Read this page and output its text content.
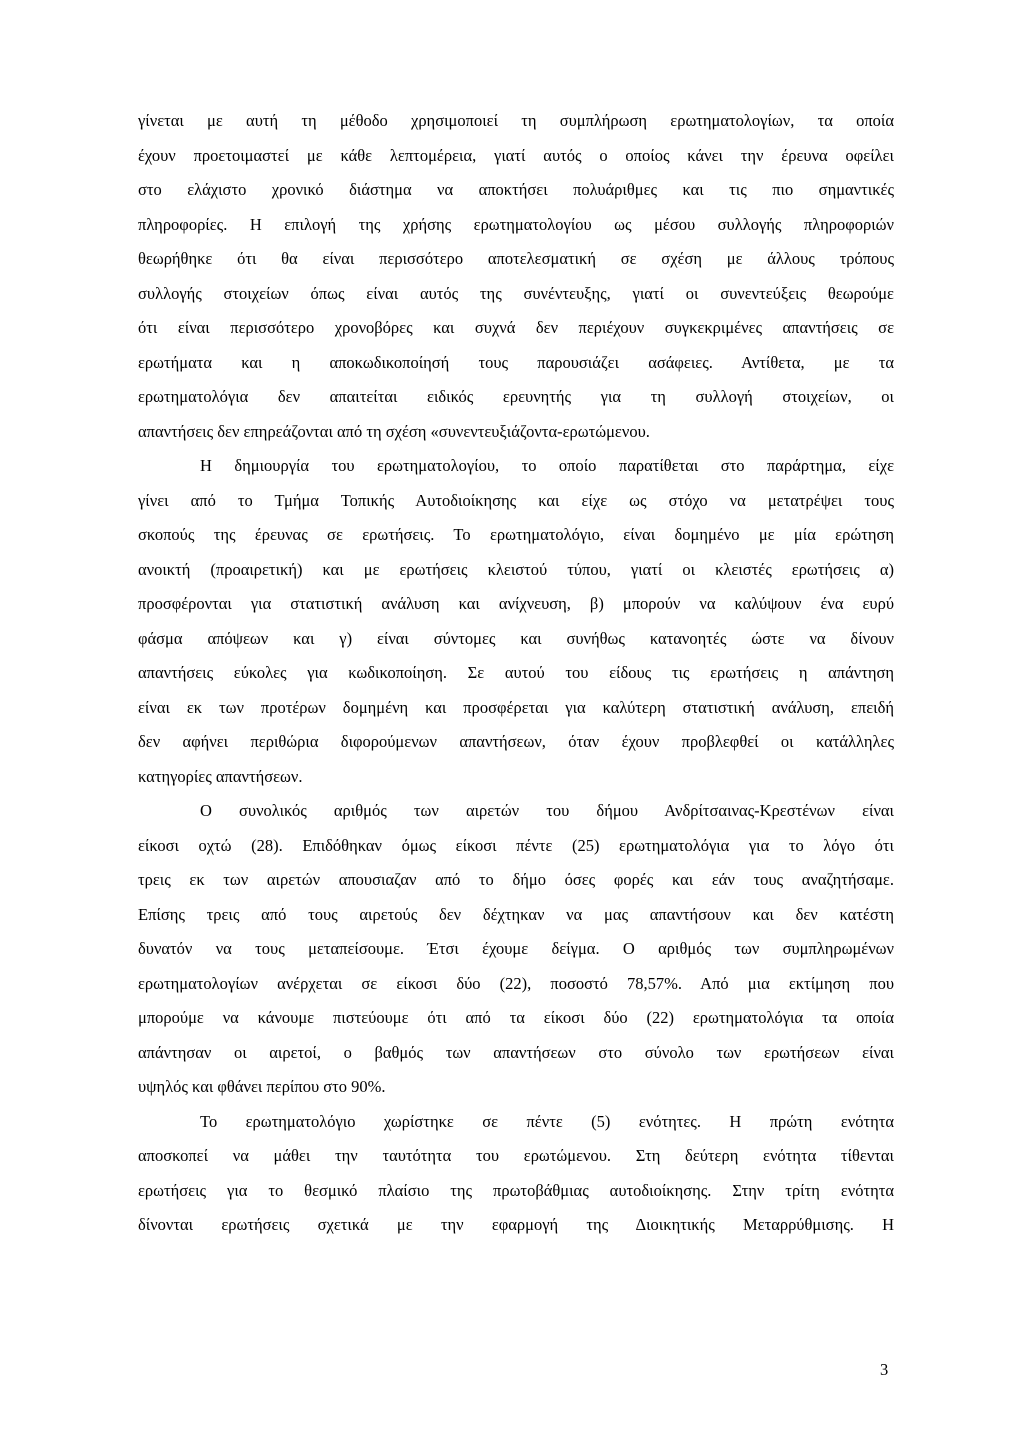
γίνεται με αυτή τη μέθοδο χρησιμοποιεί τη συμπλήρωση ερωτηματολογίων, τα οποία
έχουν προετοιμαστεί με κάθε λεπτομέρεια, γιατί αυτός ο οποίος κάνει την έρευνα οφείλει
στο ελάχιστο χρονικό διάστημα να αποκτήσει πολυάριθμες και τις πιο σημαντικές
πληροφορίες. Η επιλογή της χρήσης ερωτηματολογίου ως μέσου συλλογής πληροφοριών
θεωρήθηκε ότι θα είναι περισσότερο αποτελεσματική σε σχέση με άλλους τρόπους
συλλογής στοιχείων όπως είναι αυτός της συνέντευξης, γιατί οι συνεντεύξεις θεωρούμε
ότι είναι περισσότερο χρονοβόρες και συχνά δεν περιέχουν συγκεκριμένες απαντήσεις σε
ερωτήματα και η αποκωδικοποίησή τους παρουσιάζει ασάφειες. Αντίθετα, με τα
ερωτηματολόγια δεν απαιτείται ειδικός ερευνητής για τη συλλογή στοιχείων, οι
απαντήσεις δεν επηρεάζονται από τη σχέση «συνεντευξιάζοντα-ερωτώμενου.
Η δημιουργία του ερωτηματολογίου, το οποίο παρατίθεται στο παράρτημα, είχε
γίνει από το Τμήμα Τοπικής Αυτοδιοίκησης και είχε ως στόχο να μετατρέψει τους
σκοπούς της έρευνας σε ερωτήσεις. Το ερωτηματολόγιο, είναι δομημένο με μία ερώτηση
ανοικτή (προαιρετική) και με ερωτήσεις κλειστού τύπου, γιατί οι κλειστές ερωτήσεις α)
προσφέρονται για στατιστική ανάλυση και ανίχνευση, β) μπορούν να καλύψουν ένα ευρύ
φάσμα απόψεων και γ) είναι σύντομες και συνήθως κατανοητές ώστε να δίνουν
απαντήσεις εύκολες για κωδικοποίηση. Σε αυτού του είδους τις ερωτήσεις η απάντηση
είναι εκ των προτέρων δομημένη και προσφέρεται για καλύτερη στατιστική ανάλυση, επειδή
δεν αφήνει περιθώρια διφορούμενων απαντήσεων, όταν έχουν προβλεφθεί οι κατάλληλες
κατηγορίες απαντήσεων.
Ο συνολικός αριθμός των αιρετών του δήμου Ανδρίτσαινας-Κρεστένων είναι
είκοσι οχτώ (28). Επιδόθηκαν όμως είκοσι πέντε (25) ερωτηματολόγια για το λόγο ότι
τρεις εκ των αιρετών απουσιαζαν από το δήμο όσες φορές και εάν τους αναζητήσαμε.
Επίσης τρεις από τους αιρετούς δεν δέχτηκαν να μας απαντήσουν και δεν κατέστη
δυνατόν να τους μεταπείσουμε. Έτσι έχουμε δείγμα. Ο αριθμός των συμπληρωμένων
ερωτηματολογίων ανέρχεται σε είκοσι δύο (22), ποσοστό 78,57%. Από μια εκτίμηση που
μπορούμε να κάνουμε πιστεύουμε ότι από τα είκοσι δύο (22) ερωτηματολόγια τα οποία
απάντησαν οι αιρετοί, ο βαθμός των απαντήσεων στο σύνολο των ερωτήσεων είναι
υψηλός και φθάνει περίπου στο 90%.
Το ερωτηματολόγιο χωρίστηκε σε πέντε (5) ενότητες. Η πρώτη ενότητα
αποσκοπεί να μάθει την ταυτότητα του ερωτώμενου. Στη δεύτερη ενότητα τίθενται
ερωτήσεις για το θεσμικό πλαίσιο της πρωτοβάθμιας αυτοδιοίκησης. Στην τρίτη ενότητα
δίνονται ερωτήσεις σχετικά με την εφαρμογή της Διοικητικής Μεταρρύθμισης. Η
3
